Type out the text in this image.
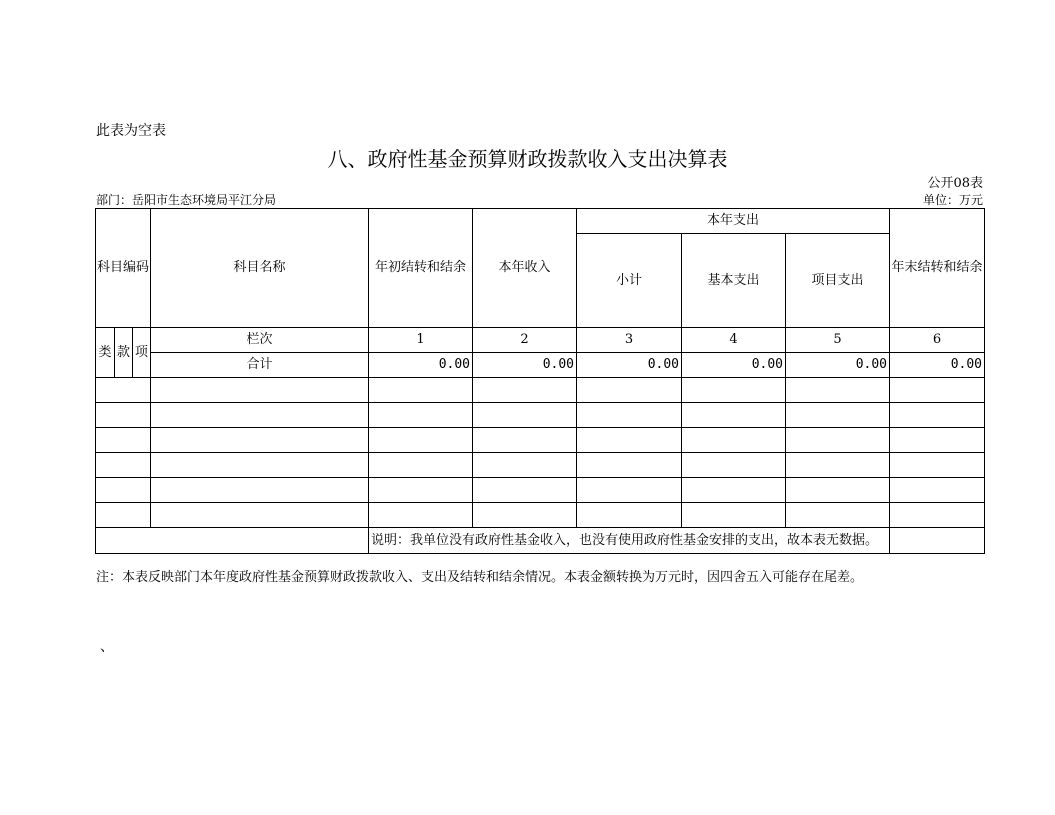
此表为空表
八、政府性基金预算财政拨款收入支出决算表
公开08表
部门：岳阳市生态环境局平江分局	单位：万元
科目编码			科目名称	年初结转和结余	本年收入	本年支出			年末结转和结余
						小计	基本支出	项目支出	

类	款	项	栏次	1	2	3	4	5	6
			合计	0.00	0.00	0.00	0.00	0.00	0.00

				说明：我单位没有政府性基金收入，也没有使用政府性基金安排的支出，故本表无数据。					
注：本表反映部门本年度政府性基金预算财政拨款收入、支出及结转和结余情况。本表金额转换为万元时，因四舍五入可能存在尾差。
、
